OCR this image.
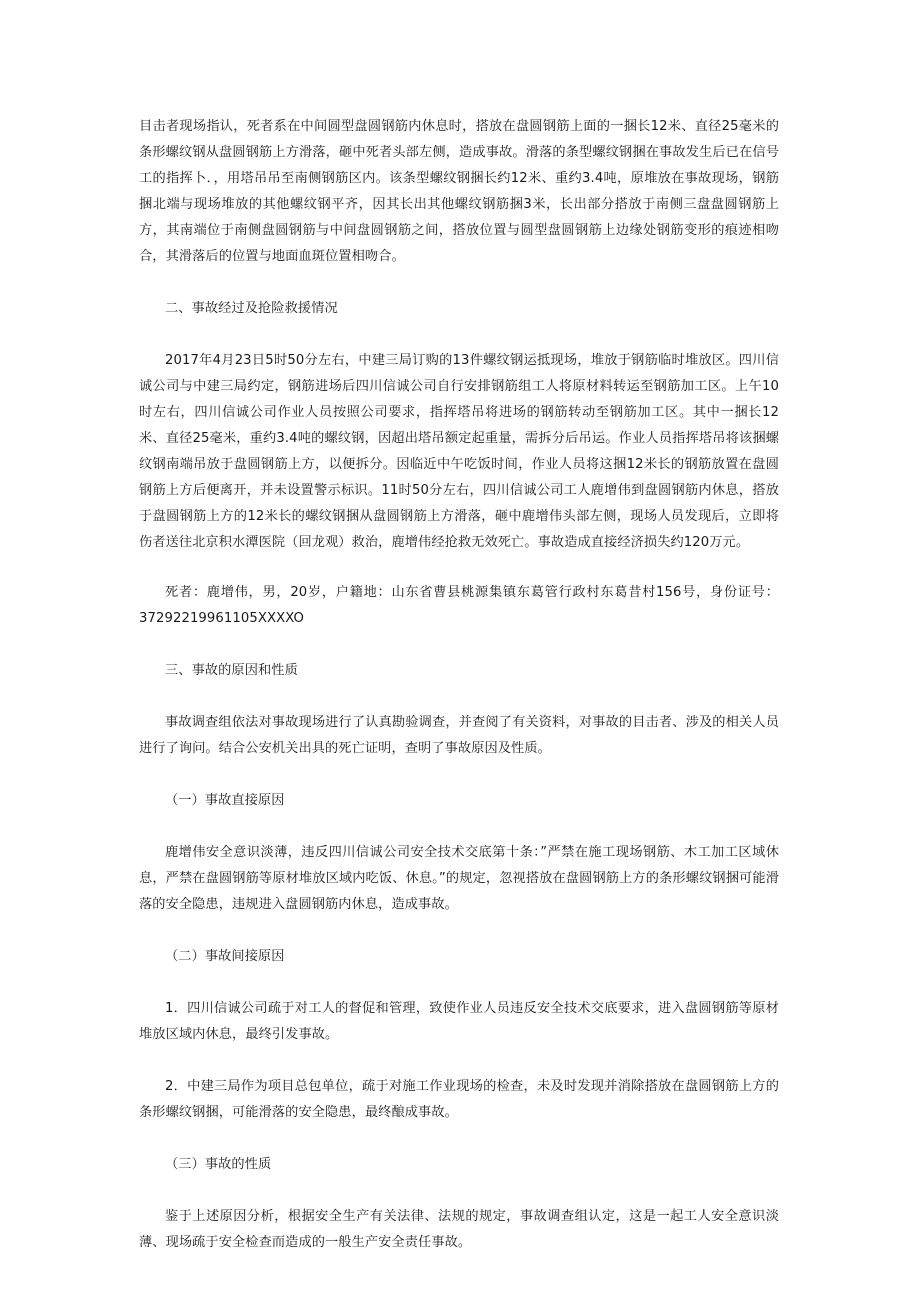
目击者现场指认，死者系在中间圆型盘圆钢筋内休息时，搭放在盘圆钢筋上面的一捆长12米、直径25毫米的条形螺纹钢从盘圆钢筋上方滑落，砸中死者头部左侧，造成事故。滑落的条型螺纹钢捆在事故发生后已在信号工的指挥卜．，用塔吊吊至南侧钢筋区内。该条型螺纹钢捆长约12米、重约3.4吨，原堆放在事故现场，钢筋捆北端与现场堆放的其他螺纹钢平齐，因其长出其他螺纹钢筋捆3米，长出部分搭放于南侧三盘盘圆钢筋上方，其南端位于南侧盘圆钢筋与中间盘圆钢筋之间，搭放位置与圆型盘圆钢筋上边缘处钢筋变形的痕迹相吻合，其滑落后的位置与地面血斑位置相吻合。

二、事故经过及抢险救援情况

2017年4月23日5时50分左右，中建三局订购的13件螺纹钢运抵现场，堆放于钢筋临时堆放区。四川信诚公司与中建三局约定，钢筋进场后四川信诚公司自行安排钢筋组工人将原材料转运至钢筋加工区。上午10时左右，四川信诚公司作业人员按照公司要求，指挥塔吊将进场的钢筋转动至钢筋加工区。其中一捆长12米、直径25毫米，重约3.4吨的螺纹钢，因超出塔吊额定起重量，需拆分后吊运。作业人员指挥塔吊将该捆螺纹钢南端吊放于盘圆钢筋上方，以便拆分。因临近中午吃饭时间，作业人员将这捆12米长的钢筋放置在盘圆钢筋上方后便离开，并未设置警示标识。11时50分左右，四川信诚公司工人鹿增伟到盘圆钢筋内休息，搭放于盘圆钢筋上方的12米长的螺纹钢捆从盘圆钢筋上方滑落，砸中鹿增伟头部左侧，现场人员发现后，立即将伤者送往北京积水潭医院（回龙观）救治，鹿增伟经抢救无效死亡。事故造成直接经济损失约120万元。

死者：鹿增伟，男，20岁，户籍地：山东省曹县桃源集镇东葛管行政村东葛昔村156号，身份证号：37292219961105XXXXO

三、事故的原因和性质

事故调查组依法对事故现场进行了认真勘验调查，并查阅了有关资料，对事故的目击者、涉及的相关人员进行了询问。结合公安机关出具的死亡证明，查明了事故原因及性质。

（一）事故直接原因

鹿增伟安全意识淡薄，违反四川信诚公司安全技术交底第十条：”严禁在施工现场钢筋、木工加工区域休息，严禁在盘圆钢筋等原材堆放区域内吃饭、休息。”的规定，忽视搭放在盘圆钢筋上方的条形螺纹钢捆可能滑落的安全隐患，违规进入盘圆钢筋内休息，造成事故。

（二）事故间接原因

1．四川信诚公司疏于对工人的督促和管理，致使作业人员违反安全技术交底要求，进入盘圆钢筋等原材堆放区域内休息，最终引发事故。

2．中建三局作为项目总包单位，疏于对施工作业现场的检查，未及时发现并消除搭放在盘圆钢筋上方的条形螺纹钢捆，可能滑落的安全隐患，最终酿成事故。

（三）事故的性质

鉴于上述原因分析，根据安全生产有关法律、法规的规定，事故调查组认定，这是一起工人安全意识淡薄、现场疏于安全检查而造成的一般生产安全责任事故。
